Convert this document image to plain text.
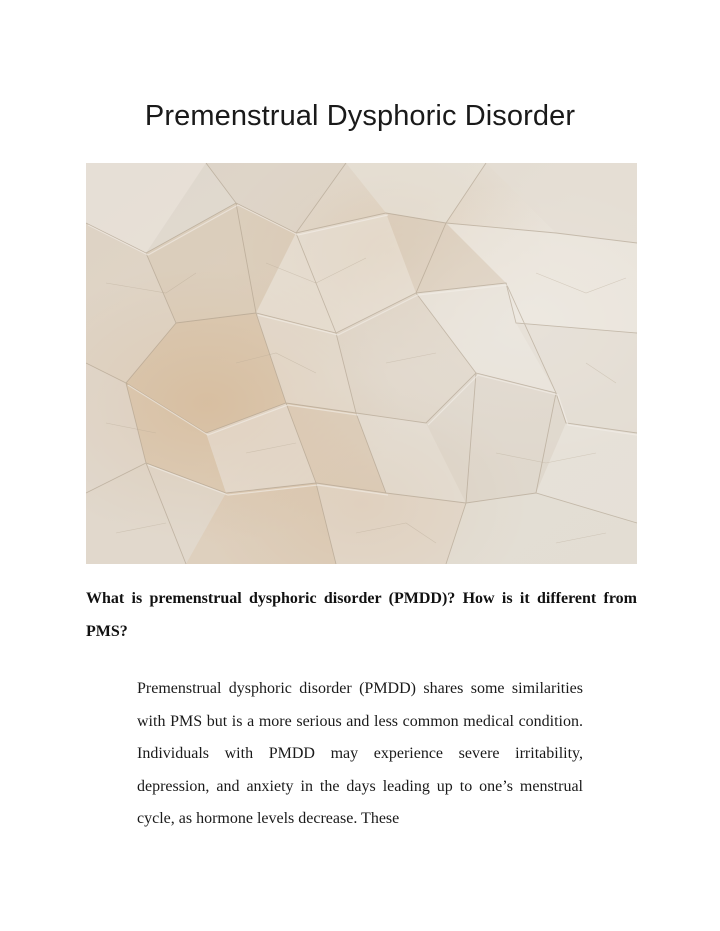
Premenstrual Dysphoric Disorder

What is premenstrual dysphoric disorder (PMDD)? How is it different from PMS?

Premenstrual dysphoric disorder (PMDD) shares some similarities with PMS but is a more serious and less common medical condition. Individuals with PMDD may experience severe irritability, depression, and anxiety in the days leading up to one’s menstrual cycle, as hormone levels decrease. These
